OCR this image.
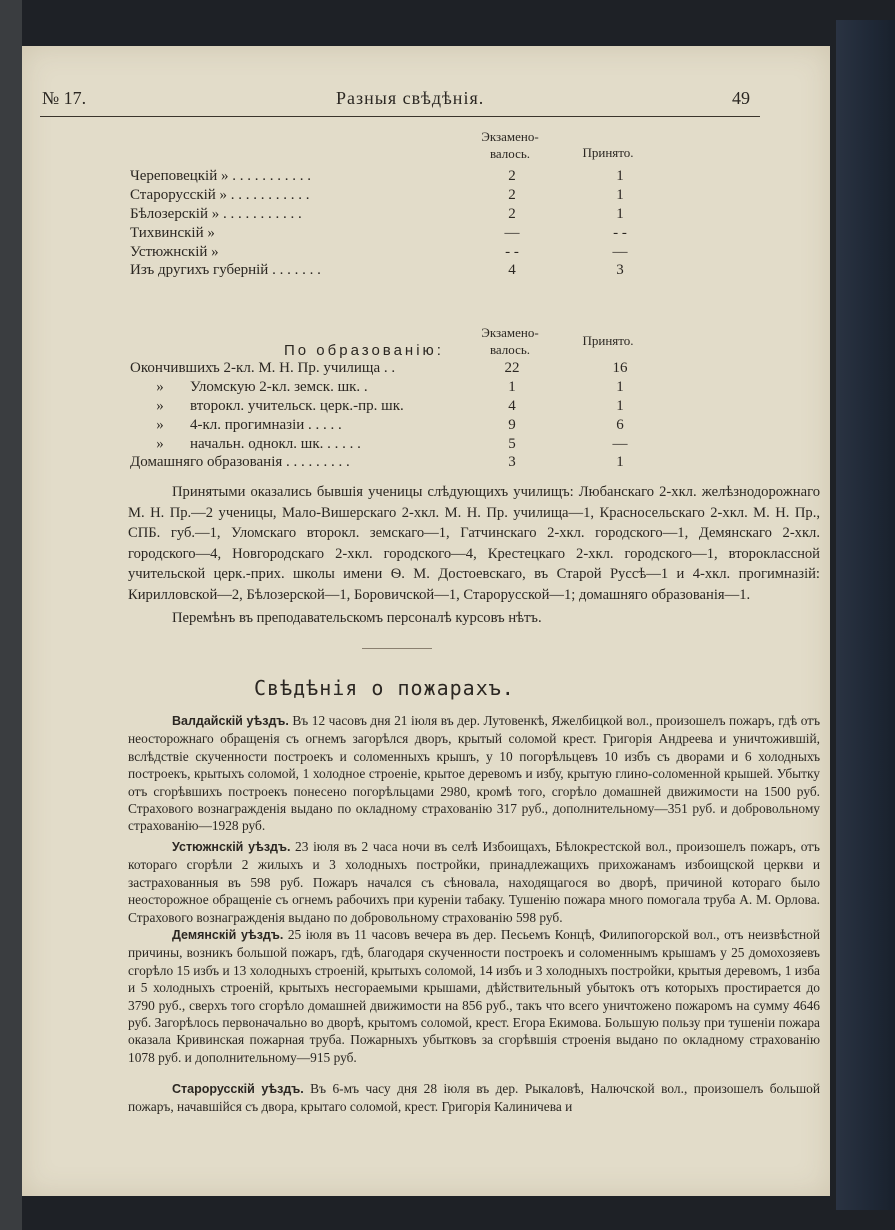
№ 17.	Разныя свѣдѣнія.	49
Экзамено-
валось.	Принято.
Череповецкій » . . . . . . . . . . .	2	1
Старорусскій » . . . . . . . . . . .	2	1
Бѣлозерскій » . . . . . . . . . . .	2	1
Тихвинскій »	—	- -
Устюжнскій »	- -	—
Изъ другихъ губерній . . . . . . .	4	3
По образованію:
Экзамено-
валось.
Принято.
Окончившихъ 2-кл. М. Н. Пр. училища . .	22	16
»       Уломскую 2-кл. земск. шк. .	1	1
»       второкл. учительск. церк.-пр. шк.	4	1
»       4-кл. прогимназіи . . . . .	9	6
»       начальн. однокл. шк. . . . . .	5	—
Домашняго образованія . . . . . . . . .	3	1

Принятыми оказались бывшія ученицы слѣдующихъ училищъ: Любанскаго 2-хкл. желѣзнодорожнаго М. Н. Пр.—2 ученицы, Мало-Вишерскаго 2-хкл. М. Н. Пр. училища—1, Красносельскаго 2-хкл. М. Н. Пр., СПБ. губ.—1, Уломскаго второкл. земскаго—1, Гатчинскаго 2-хкл. городского—1, Демянскаго 2-хкл. городского—4, Новгородскаго 2-хкл. городского—4, Крестецкаго 2-хкл. городского—1, второклассной учительской церк.-прих. школы имени Ѳ. М. Достоевскаго, въ Старой Руссѣ—1 и 4-хкл. прогимназій: Кирилловской—2, Бѣлозерской—1, Боровичской—1, Старорусской—1; домашняго образованія—1.

Перемѣнъ въ преподавательскомъ персоналѣ курсовъ нѣтъ.

Свѣдѣнія о пожарахъ.

Валдайскій уѣздъ. Въ 12 часовъ дня 21 іюля въ дер. Лутовенкѣ, Яжелбицкой вол., произошелъ пожаръ, гдѣ отъ неосторожнаго обращенія съ огнемъ загорѣлся дворъ, крытый соломой крест. Григорія Андреева и уничтожившій, вслѣдствіе скученности построекъ и соломенныхъ крышъ, у 10 погорѣльцевъ 10 избъ съ дворами и 6 холодныхъ построекъ, крытыхъ соломой, 1 холодное строеніе, крытое деревомъ и избу, крытую глино-соломенной крышей. Убытку отъ сгорѣвшихъ построекъ понесено погорѣльцами 2980, кромѣ того, сгорѣло домашней движимости на 1500 руб. Страхового вознагражденія выдано по окладному страхованію 317 руб., дополнительному—351 руб. и добровольному страхованію—1928 руб.

Устюжнскій уѣздъ. 23 іюля въ 2 часа ночи въ селѣ Избоищахъ, Бѣлокрестской вол., произошелъ пожаръ, отъ котораго сгорѣли 2 жилыхъ и 3 холодныхъ постройки, принадлежащихъ прихожанамъ избоищской церкви и застрахованныя въ 598 руб. Пожаръ начался съ сѣновала, находящагося во дворѣ, причиной котораго было неосторожное обращеніе съ огнемъ рабочихъ при куреніи табаку. Тушенію пожара много помогала труба А. М. Орлова. Страхового вознагражденія выдано по добровольному страхованію 598 руб.

Демянскій уѣздъ. 25 іюля въ 11 часовъ вечера въ дер. Песьемъ Концѣ, Филипогорской вол., отъ неизвѣстной причины, возникъ большой пожаръ, гдѣ, благодаря скученности построекъ и соломеннымъ крышамъ у 25 домохозяевъ сгорѣло 15 избъ и 13 холодныхъ строеній, крытыхъ соломой, 14 избъ и 3 холодныхъ постройки, крытыя деревомъ, 1 изба и 5 холодныхъ строеній, крытыхъ несгораемыми крышами, дѣйствительный убытокъ отъ которыхъ простирается до 3790 руб., сверхъ того сгорѣло домашней движимости на 856 руб., такъ что всего уничтожено пожаромъ на сумму 4646 руб. Загорѣлось первоначально во дворѣ, крытомъ соломой, крест. Егора Екимова. Большую пользу при тушеніи пожара оказала Кривинская пожарная труба. Пожарныхъ убытковъ за сгорѣвшія строенія выдано по окладному страхованію 1078 руб. и дополнительному—915 руб.

Старорусскій уѣздъ. Въ 6-мъ часу дня 28 іюля въ дер. Рыкаловѣ, Налючской вол., произошелъ большой пожаръ, начавшійся съ двора, крытаго соломой, крест. Григорія Калиничева и
